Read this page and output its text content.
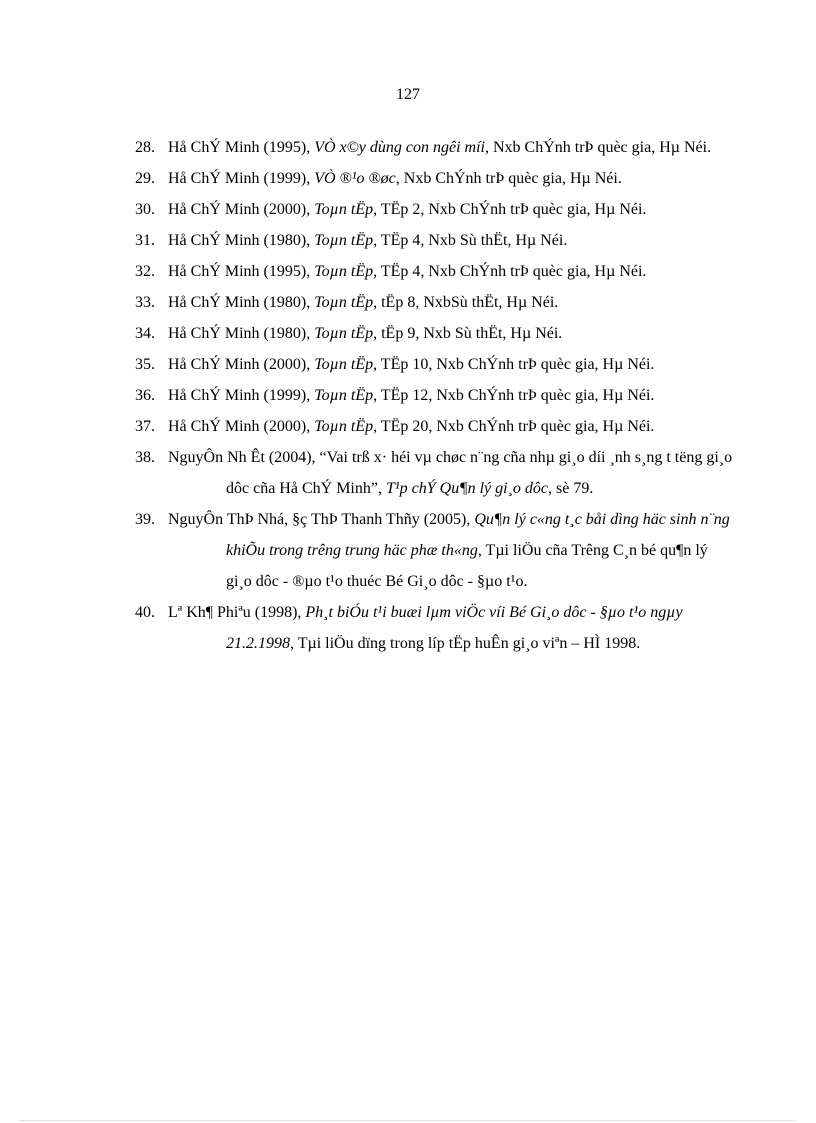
127
28. Hå ChÝ Minh (1995), VÒ x©y dùng con ngêi míi, Nxb ChÝnh trÞ quèc gia, Hµ Néi.
29. Hå ChÝ Minh (1999), VÒ ®¹o ®øc, Nxb ChÝnh trÞ quèc gia, Hµ Néi.
30. Hå ChÝ Minh (2000), Toµn tËp, TËp 2, Nxb ChÝnh trÞ quèc gia, Hµ Néi.
31. Hå ChÝ Minh (1980), Toµn tËp, TËp 4, Nxb Sù thËt, Hµ Néi.
32. Hå ChÝ Minh (1995), Toµn tËp, TËp 4, Nxb ChÝnh trÞ quèc gia, Hµ Néi.
33. Hå ChÝ Minh (1980), Toµn tËp, tËp 8, NxbSù thËt, Hµ Néi.
34. Hå ChÝ Minh (1980), Toµn tËp, tËp 9, Nxb Sù thËt, Hµ Néi.
35. Hå ChÝ Minh (2000), Toµn tËp, TËp 10, Nxb ChÝnh trÞ quèc gia, Hµ Néi.
36. Hå ChÝ Minh (1999), Toµn tËp, TËp 12, Nxb ChÝnh trÞ quèc gia, Hµ Néi.
37. Hå ChÝ Minh (2000), Toµn tËp, TËp 20, Nxb ChÝnh trÞ quèc gia, Hµ Néi.
38. NguyÔn Nh Êt (2004), “Vai trß x· héi vµ chøc n¨ng cña nhµ gi¸o díi ¸nh s¸ng t tëng gi¸o dôc cña Hå ChÝ Minh”, T¹p chÝ Qu¶n lý gi¸o dôc, sè 79.
39. NguyÔn ThÞ Nhá, §ç ThÞ Thanh Thñy (2005), Qu¶n lý c«ng t¸c båi dìng häc sinh n¨ng khiÕu trong trêng trung häc phæ th«ng, Tµi liÖu cña Trêng C¸n bé qu¶n lý gi¸o dôc - ®µo t¹o thuéc Bé Gi¸o dôc - §µo t¹o.
40. Lª Kh¶ Phiªu (1998), Ph¸t biÓu t¹i buæi lµm viÖc víi Bé Gi¸o dôc - §µo t¹o ngµy 21.2.1998, Tµi liÖu dïng trong líp tËp huÊn gi¸o viªn – HÌ 1998.
